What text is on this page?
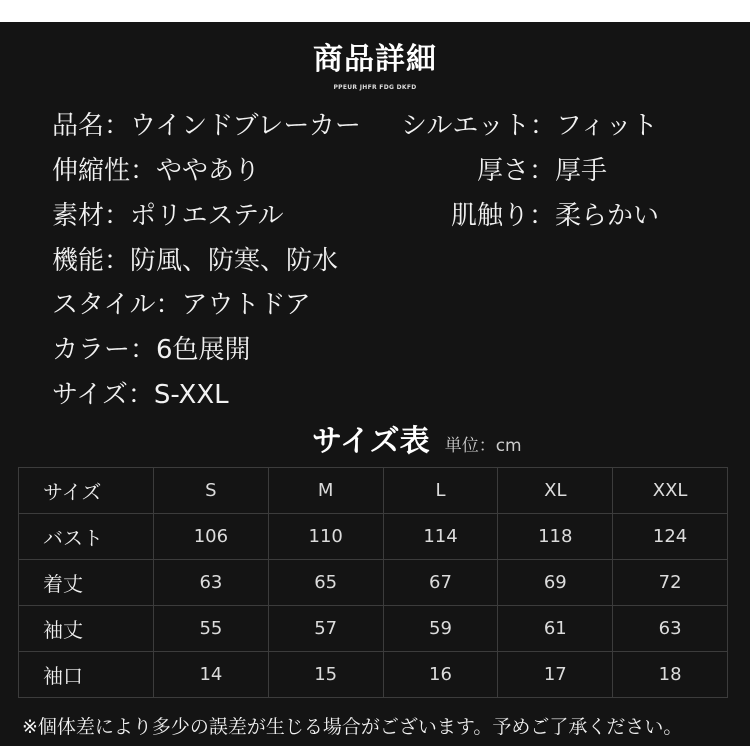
商品詳細
PPEUR JHFR FDG DKFD
品名：ウインドブレーカー シルエット：フィット
伸縮性：ややあり	厚さ：厚手
素材：ポリエステル	肌触り：柔らかい
機能：防風、防寒、防水
スタイル：アウトドア
カラー：6色展開
サイズ：S-XXL
サイズ表 単位：cm
サイズ	S	M	L	XL	XXL
バスト	106	110	114	118	124
着丈	63	65	67	69	72
袖丈	55	57	59	61	63
袖口	14	15	16	17	18
※個体差により多少の誤差が生じる場合がございます。予めご了承ください。
